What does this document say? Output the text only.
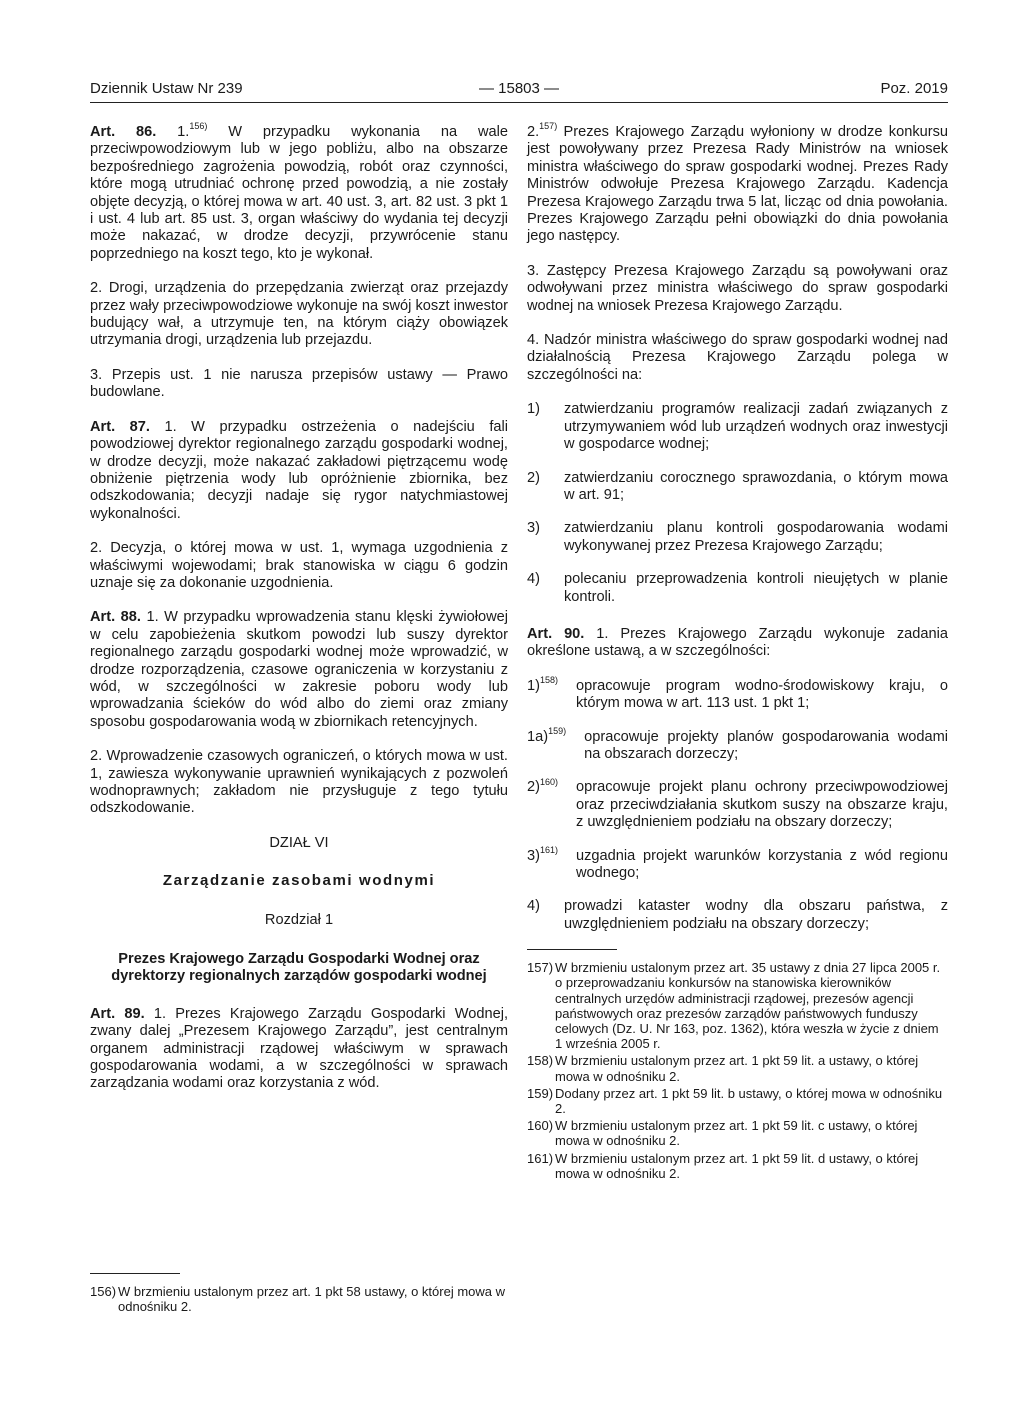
Dziennik Ustaw Nr 239	— 15803 —	Poz. 2019

Art. 86. 1.$^{156)}$ W przypadku wykonania na wale przeciwpowodziowym lub w jego pobliżu, albo na obszarze bezpośredniego zagrożenia powodzią, robót oraz czynności, które mogą utrudniać ochronę przed powodzią, a nie zostały objęte decyzją, o której mowa w art. 40 ust. 3, art. 82 ust. 3 pkt 1 i ust. 4 lub art. 85 ust. 3, organ właściwy do wydania tej decyzji może nakazać, w drodze decyzji, przywrócenie stanu poprzedniego na koszt tego, kto je wykonał.

2. Drogi, urządzenia do przepędzania zwierząt oraz przejazdy przez wały przeciwpowodziowe wykonuje na swój koszt inwestor budujący wał, a utrzymuje ten, na którym ciąży obowiązek utrzymania drogi, urządzenia lub przejazdu.

3. Przepis ust. 1 nie narusza przepisów ustawy — Prawo budowlane.

Art. 87. 1. W przypadku ostrzeżenia o nadejściu fali powodziowej dyrektor regionalnego zarządu gospodarki wodnej, w drodze decyzji, może nakazać zakładowi piętrzącemu wodę obniżenie piętrzenia wody lub opróżnienie zbiornika, bez odszkodowania; decyzji nadaje się rygor natychmiastowej wykonalności.

2. Decyzja, o której mowa w ust. 1, wymaga uzgodnienia z właściwymi wojewodami; brak stanowiska w ciągu 6 godzin uznaje się za dokonanie uzgodnienia.

Art. 88. 1. W przypadku wprowadzenia stanu klęski żywiołowej w celu zapobieżenia skutkom powodzi lub suszy dyrektor regionalnego zarządu gospodarki wodnej może wprowadzić, w drodze rozporządzenia, czasowe ograniczenia w korzystaniu z wód, w szczególności w zakresie poboru wody lub wprowadzania ścieków do wód albo do ziemi oraz zmiany sposobu gospodarowania wodą w zbiornikach retencyjnych.

2. Wprowadzenie czasowych ograniczeń, o których mowa w ust. 1, zawiesza wykonywanie uprawnień wynikających z pozwoleń wodnoprawnych; zakładom nie przysługuje z tego tytułu odszkodowanie.

DZIAŁ VI
Zarządzanie zasobami wodnymi
Rozdział 1
Prezes Krajowego Zarządu Gospodarki Wodnej oraz dyrektorzy regionalnych zarządów gospodarki wodnej

Art. 89. 1. Prezes Krajowego Zarządu Gospodarki Wodnej, zwany dalej „Prezesem Krajowego Zarządu”, jest centralnym organem administracji rządowej właściwym w sprawach gospodarowania wodami, a w szczególności w sprawach zarządzania wodami oraz korzystania z wód.

156) W brzmieniu ustalonym przez art. 1 pkt 58 ustawy, o której mowa w odnośniku 2.

2.$^{157)}$ Prezes Krajowego Zarządu wyłoniony w drodze konkursu jest powoływany przez Prezesa Rady Ministrów na wniosek ministra właściwego do spraw gospodarki wodnej. Prezes Rady Ministrów odwołuje Prezesa Krajowego Zarządu. Kadencja Prezesa Krajowego Zarządu trwa 5 lat, licząc od dnia powołania. Prezes Krajowego Zarządu pełni obowiązki do dnia powołania jego następcy.

3. Zastępcy Prezesa Krajowego Zarządu są powoływani oraz odwoływani przez ministra właściwego do spraw gospodarki wodnej na wniosek Prezesa Krajowego Zarządu.

4. Nadzór ministra właściwego do spraw gospodarki wodnej nad działalnością Prezesa Krajowego Zarządu polega w szczególności na:

1)	zatwierdzaniu programów realizacji zadań związanych z utrzymywaniem wód lub urządzeń wodnych oraz inwestycji w gospodarce wodnej;
2)	zatwierdzaniu corocznego sprawozdania, o którym mowa w art. 91;
3)	zatwierdzaniu planu kontroli gospodarowania wodami wykonywanej przez Prezesa Krajowego Zarządu;
4)	polecaniu przeprowadzenia kontroli nieujętych w planie kontroli.

Art. 90. 1. Prezes Krajowego Zarządu wykonuje zadania określone ustawą, a w szczególności:

1)$^{158)}$	opracowuje program wodno-środowiskowy kraju, o którym mowa w art. 113 ust. 1 pkt 1;
1a)$^{159)}$	opracowuje projekty planów gospodarowania wodami na obszarach dorzeczy;
2)$^{160)}$	opracowuje projekt planu ochrony przeciwpowodziowej oraz przeciwdziałania skutkom suszy na obszarze kraju, z uwzględnieniem podziału na obszary dorzeczy;
3)$^{161)}$	uzgadnia projekt warunków korzystania z wód regionu wodnego;
4)	prowadzi kataster wodny dla obszaru państwa, z uwzględnieniem podziału na obszary dorzeczy;
157) W brzmieniu ustalonym przez art. 35 ustawy z dnia 27 lipca 2005 r. o przeprowadzaniu konkursów na stanowiska kierowników centralnych urzędów administracji rządowej, prezesów agencji państwowych oraz prezesów zarządów państwowych funduszy celowych (Dz. U. Nr 163, poz. 1362), która weszła w życie z dniem 1 września 2005 r.
158) W brzmieniu ustalonym przez art. 1 pkt 59 lit. a ustawy, o której mowa w odnośniku 2.
159) Dodany przez art. 1 pkt 59 lit. b ustawy, o której mowa w odnośniku 2.
160) W brzmieniu ustalonym przez art. 1 pkt 59 lit. c ustawy, o której mowa w odnośniku 2.
161) W brzmieniu ustalonym przez art. 1 pkt 59 lit. d ustawy, o której mowa w odnośniku 2.
